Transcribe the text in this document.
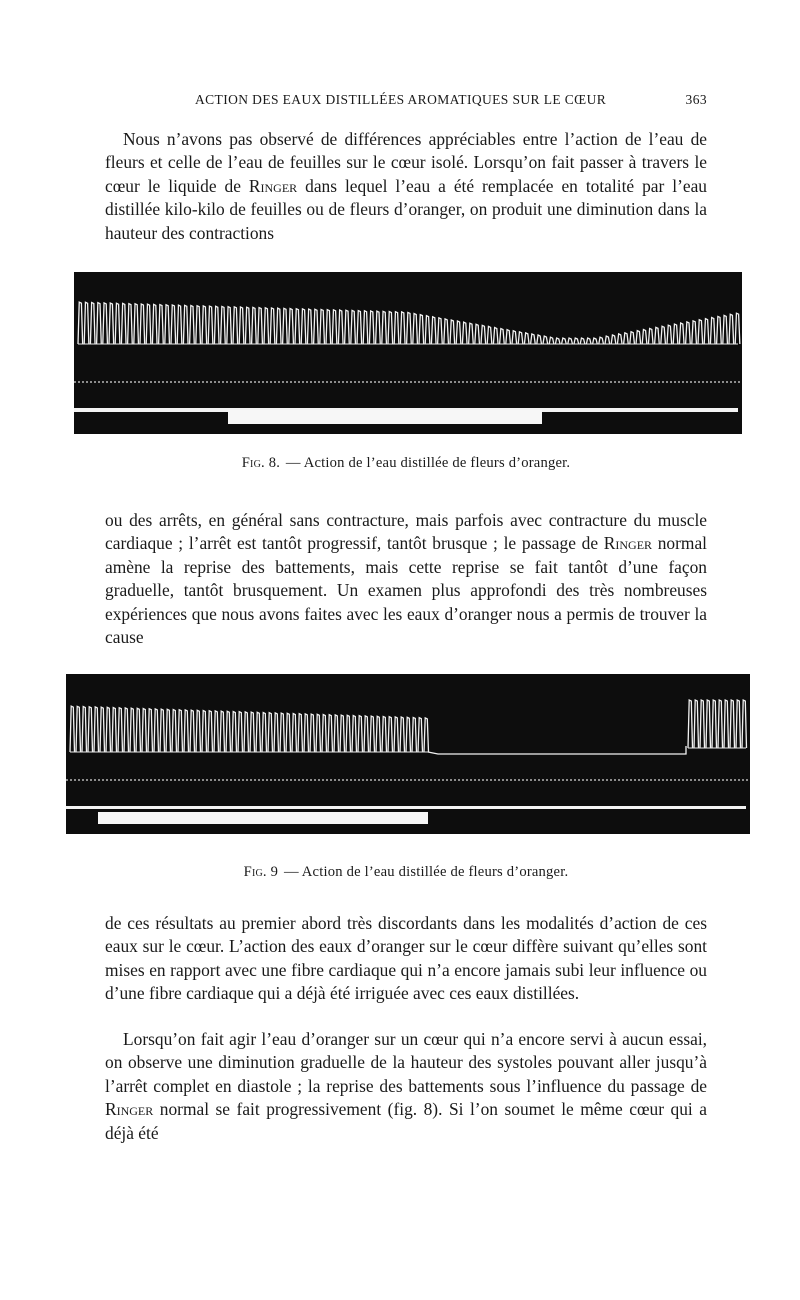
ACTION DES EAUX DISTILLÉES AROMATIQUES SUR LE CŒUR	363

Nous n’avons pas observé de différences appréciables entre l’action de l’eau de fleurs et celle de l’eau de feuilles sur le cœur isolé. Lorsqu’on fait passer à travers le cœur le liquide de Ringer dans lequel l’eau a été remplacée en totalité par l’eau distillée kilo-kilo de feuilles ou de fleurs d’oranger, on produit une diminution dans la hauteur des contractions

Fig. 8. — Action de l’eau distillée de fleurs d’oranger.

ou des arrêts, en général sans contracture, mais parfois avec contracture du muscle cardiaque ; l’arrêt est tantôt progressif, tantôt brusque ; le passage de Ringer normal amène la reprise des battements, mais cette reprise se fait tantôt d’une façon graduelle, tantôt brusquement. Un examen plus approfondi des très nombreuses expériences que nous avons faites avec les eaux d’oranger nous a permis de trouver la cause

Fig. 9 — Action de l’eau distillée de fleurs d’oranger.

de ces résultats au premier abord très discordants dans les modalités d’action de ces eaux sur le cœur. L’action des eaux d’oranger sur le cœur diffère suivant qu’elles sont mises en rapport avec une fibre cardiaque qui n’a encore jamais subi leur influence ou d’une fibre cardiaque qui a déjà été irriguée avec ces eaux distillées.

Lorsqu’on fait agir l’eau d’oranger sur un cœur qui n’a encore servi à aucun essai, on observe une diminution graduelle de la hauteur des systoles pouvant aller jusqu’à l’arrêt complet en diastole ; la reprise des battements sous l’influence du passage de Ringer normal se fait progressivement (fig. 8). Si l’on soumet le même cœur qui a déjà été
